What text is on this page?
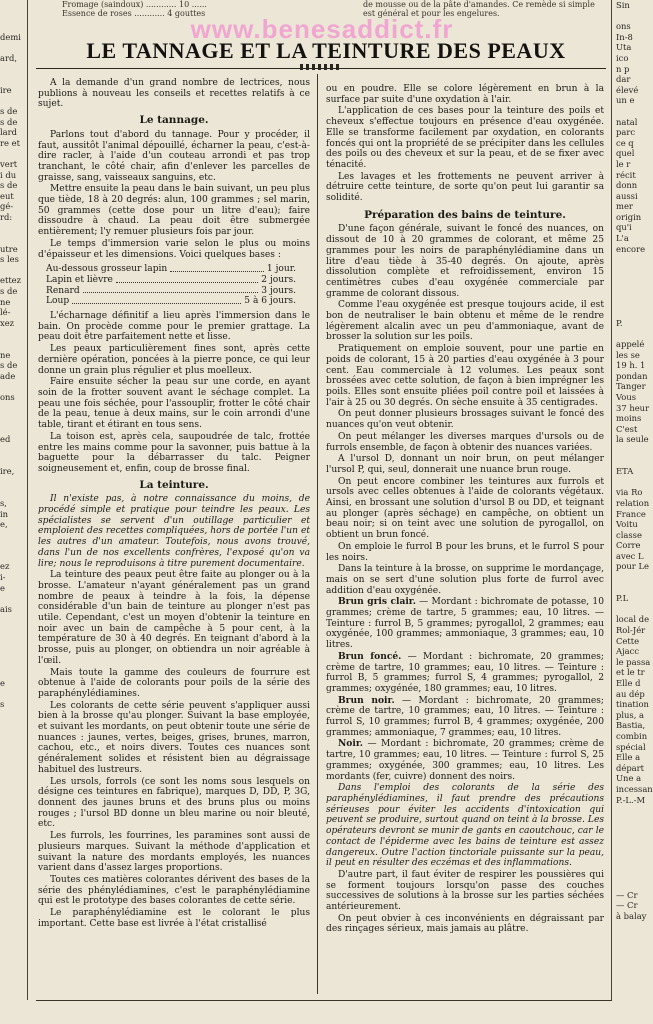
demi

ard,

ire

s de
s de
lard
re et

vert
i du
s de
eut
gé-
rd:

utre
s les

ettez
s de
ne
lé-
xez

ne
s de
ade

ons

ed

ire,

s,
in
e,

ez
i-
e

ais

e

s

Sin

ons
In-8
Uta
ico
n p
dar
élevé
un e

natal
parc
ce q
quel
le r
récit
donn
aussi
mer
origin
qu'i
L'a
encore

P.

appelé
les se
19 h. 1
pondan
Tanger
Vous
37 heur
moins
C'est
la seule

ETA

via Ro
relation
France
Voitu
classe
Corre
avec L
pour Le

P.L

local de
Rol-Jér
Cette
Ajacc
le passa
et le tr
Elle d
au dép
tination
plus, a
Bastia,
combin
spécial
Elle a
départ
Une a
incessan
P.-L.-M

— Cr
— Cr
à balay
Fromage (saindoux) ............ 10 ......
Essence de roses ............ 4 gouttes
de mousse ou de la pâte d'amandes. Ce remède si simple
est général et pour les engelures.
www.benesaddict.fr
LE TANNAGE ET LA TEINTURE DES PEAUX

A la demande d'un grand nombre de lectrices, nous publions à nouveau les conseils et recettes relatifs à ce sujet.

Le tannage.

Parlons tout d'abord du tannage. Pour y procéder, il faut, aussitôt l'animal dépouillé, écharner la peau, c'est-à-dire racler, à l'aide d'un couteau arrondi et pas trop tranchant, le côté chair, afin d'enlever les parcelles de graisse, sang, vaisseaux sanguins, etc.

Mettre ensuite la peau dans le bain suivant, un peu plus que tiède, 18 à 20 degrés: alun, 100 grammes ; sel marin, 50 grammes (cette dose pour un litre d'eau); faire dissoudre à chaud. La peau doit être submergée entièrement; l'y remuer plusieurs fois par jour.

Le temps d'immersion varie selon le plus ou moins d'épaisseur et les dimensions. Voici quelques bases :

Au-dessous grosseur lapin	1 jour.
Lapin et lièvre	2 jours.
Renard	3 jours.
Loup	5 à 6 jours.

L'écharnage définitif a lieu après l'immersion dans le bain. On procède comme pour le premier grattage. La peau doit être parfaitement nette et lisse.

Les peaux particulièrement fines sont, après cette dernière opération, poncées à la pierre ponce, ce qui leur donne un grain plus régulier et plus moelleux.

Faire ensuite sécher la peau sur une corde, en ayant soin de la frotter souvent avant le séchage complet. La peau une fois séchée, pour l'assouplir, frotter le côté chair de la peau, tenue à deux mains, sur le coin arrondi d'une table, tirant et étirant en tous sens.

La toison est, après cela, saupoudrée de talc, frottée entre les mains comme pour la savonner, puis battue à la baguette pour la débarrasser du talc. Peigner soigneusement et, enfin, coup de brosse final.

La teinture.

Il n'existe pas, à notre connaissance du moins, de procédé simple et pratique pour teindre les peaux. Les spécialistes se servent d'un outillage particulier et emploient des recettes compliquées, hors de portée l'un et les autres d'un amateur. Toutefois, nous avons trouvé, dans l'un de nos excellents confrères, l'exposé qu'on va lire; nous le reproduisons à titre purement documentaire.

La teinture des peaux peut être faite au plonger ou à la brosse. L'amateur n'ayant généralement pas un grand nombre de peaux à teindre à la fois, la dépense considérable d'un bain de teinture au plonger n'est pas utile. Cependant, c'est un moyen d'obtenir la teinture en noir avec un bain de campêche à 5 pour cent, à la température de 30 à 40 degrés. En teignant d'abord à la brosse, puis au plonger, on obtiendra un noir agréable à l'œil.

Mais toute la gamme des couleurs de fourrure est obtenue à l'aide de colorants pour poils de la série des paraphénylédiamines.

Les colorants de cette série peuvent s'appliquer aussi bien à la brosse qu'au plonger. Suivant la base employée, et suivant les mordants, on peut obtenir toute une série de nuances : jaunes, vertes, beiges, grises, brunes, marron, cachou, etc., et noirs divers. Toutes ces nuances sont généralement solides et résistent bien au dégraissage habituel des lustreurs.

Les ursols, forrols (ce sont les noms sous lesquels on désigne ces teintures en fabrique), marques D, DD, P, 3G, donnent des jaunes bruns et des bruns plus ou moins rouges ; l'ursol BD donne un bleu marine ou noir bleuté, etc.

Les furrols, les fourrines, les paramines sont aussi de plusieurs marques. Suivant la méthode d'application et suivant la nature des mordants employés, les nuances varient dans d'assez larges proportions.

Toutes ces matières colorantes dérivent des bases de la série des phénylédiamines, c'est le paraphénylédiamine qui est le prototype des bases colorantes de cette série.

Le paraphénylédiamine est le colorant le plus important. Cette base est livrée à l'état cristallisé

ou en poudre. Elle se colore légèrement en brun à la surface par suite d'une oxydation à l'air.

L'application de ces bases pour la teinture des poils et cheveux s'effectue toujours en présence d'eau oxygénée. Elle se transforme facilement par oxydation, en colorants foncés qui ont la propriété de se précipiter dans les cellules des poils ou des cheveux et sur la peau, et de se fixer avec ténacité.

Les lavages et les frottements ne peuvent arriver à détruire cette teinture, de sorte qu'on peut lui garantir sa solidité.

Préparation des bains de teinture.

D'une façon générale, suivant le foncé des nuances, on dissout de 10 à 20 grammes de colorant, et même 25 grammes pour les noirs de paraphénylédiamine dans un litre d'eau tiède à 35-40 degrés. On ajoute, après dissolution complète et refroidissement, environ 15 centimètres cubes d'eau oxygénée commerciale par gramme de colorant dissous.

Comme l'eau oxygénée est presque toujours acide, il est bon de neutraliser le bain obtenu et même de le rendre légèrement alcalin avec un peu d'ammoniaque, avant de brosser la solution sur les poils.

Pratiquement on emploie souvent, pour une partie en poids de colorant, 15 à 20 parties d'eau oxygénée à 3 pour cent. Eau commerciale à 12 volumes. Les peaux sont brossées avec cette solution, de façon à bien imprégner les poils. Elles sont ensuite pliées poil contre poil et laissées à l'air à 25 ou 30 degrés. On sèche ensuite à 35 centigrades.

On peut donner plusieurs brossages suivant le foncé des nuances qu'on veut obtenir.

On peut mélanger les diverses marques d'ursols ou de furrols ensemble, de façon à obtenir des nuances variées.

A l'ursol D, donnant un noir brun, on peut mélanger l'ursol P, qui, seul, donnerait une nuance brun rouge.

On peut encore combiner les teintures aux furrols et ursols avec celles obtenues à l'aide de colorants végétaux. Ainsi, en brossant une solution d'ursol B ou DD, et teignant au plonger (après séchage) en campêche, on obtient un beau noir; si on teint avec une solution de pyrogallol, on obtient un brun foncé.

On emploie le furrol B pour les bruns, et le furrol S pour les noirs.

Dans la teinture à la brosse, on supprime le mordançage, mais on se sert d'une solution plus forte de furrol avec addition d'eau oxygénée.

Brun gris clair. — Mordant : bichromate de potasse, 10 grammes; crème de tartre, 5 grammes; eau, 10 litres. — Teinture : furrol B, 5 grammes; pyrogallol, 2 grammes; eau oxygénée, 100 grammes; ammoniaque, 3 grammes; eau, 10 litres.

Brun foncé. — Mordant : bichromate, 20 grammes; crème de tartre, 10 grammes; eau, 10 litres. — Teinture : furrol B, 5 grammes; furrol S, 4 grammes; pyrogallol, 2 grammes; oxygénée, 180 grammes; eau, 10 litres.

Brun noir. — Mordant : bichromate, 20 grammes; crème de tartre, 10 grammes; eau, 10 litres. — Teinture : furrol S, 10 grammes; furrol B, 4 grammes; oxygénée, 200 grammes; ammoniaque, 7 grammes; eau, 10 litres.

Noir. — Mordant : bichromate, 20 grammes; crème de tartre, 10 grammes; eau, 10 litres. — Teinture : furrol S, 25 grammes; oxygénée, 300 grammes; eau, 10 litres. Les mordants (fer, cuivre) donnent des noirs.

Dans l'emploi des colorants de la série des paraphénylédiamines, il faut prendre des précautions sérieuses pour éviter les accidents d'intoxication qui peuvent se produire, surtout quand on teint à la brosse. Les opérateurs devront se munir de gants en caoutchouc, car le contact de l'épiderme avec les bains de teinture est assez dangereux. Outre l'action tinctoriale puissante sur la peau, il peut en résulter des eczémas et des inflammations.

D'autre part, il faut éviter de respirer les poussières qui se forment toujours lorsqu'on passe des couches successives de solutions à la brosse sur les parties séchées antérieurement.

On peut obvier à ces inconvénients en dégraissant par des rinçages sérieux, mais jamais au plâtre.
